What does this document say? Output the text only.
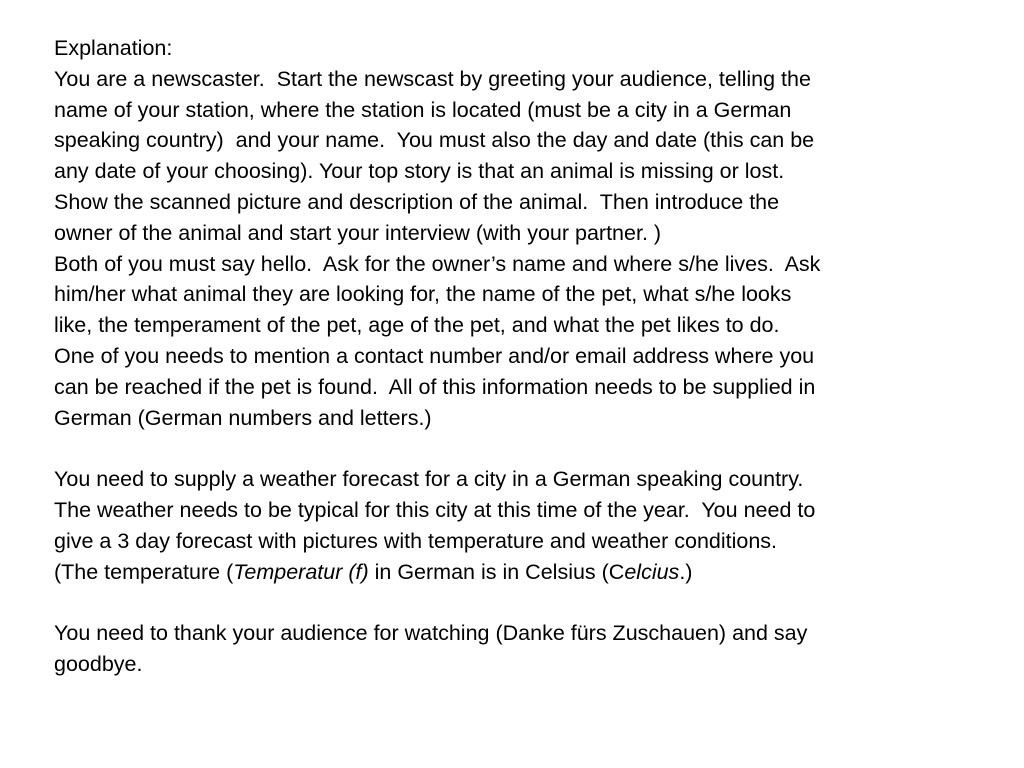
Explanation:
You are a newscaster.  Start the newscast by greeting your audience, telling the
name of your station, where the station is located (must be a city in a German
speaking country)  and your name.  You must also the day and date (this can be
any date of your choosing). Your top story is that an animal is missing or lost.
Show the scanned picture and description of the animal.  Then introduce the
owner of the animal and start your interview (with your partner. )
Both of you must say hello.  Ask for the owner’s name and where s/he lives.  Ask
him/her what animal they are looking for, the name of the pet, what s/he looks
like, the temperament of the pet, age of the pet, and what the pet likes to do.
One of you needs to mention a contact number and/or email address where you
can be reached if the pet is found.  All of this information needs to be supplied in
German (German numbers and letters.)
You need to supply a weather forecast for a city in a German speaking country.
The weather needs to be typical for this city at this time of the year.  You need to
give a 3 day forecast with pictures with temperature and weather conditions.
(The temperature (Temperatur (f) in German is in Celsius (Celcius.)
You need to thank your audience for watching (Danke fürs Zuschauen) and say
goodbye.
